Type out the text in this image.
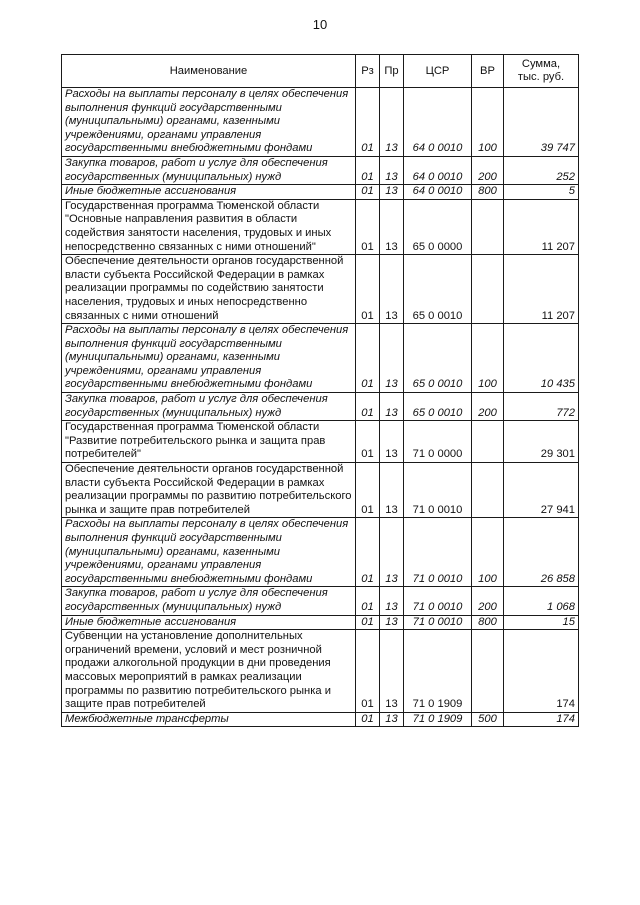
10
Наименование	Рз	Пр	ЦСР	ВР	Сумма,
тыс. руб.
Расходы на выплаты персоналу в целях обеспечения выполнения функций государственными (муниципальными) органами, казенными учреждениями, органами управления государственными внебюджетными фондами	01	13	64 0 0010	100	39 747
Закупка товаров, работ и услуг для обеспечения государственных (муниципальных) нужд	01	13	64 0 0010	200	252
Иные бюджетные ассигнования	01	13	64 0 0010	800	5
Государственная программа Тюменской области "Основные направления развития в области содействия занятости населения, трудовых и иных непосредственно связанных с ними отношений"	01	13	65 0 0000		11 207
Обеспечение деятельности органов государственной власти субъекта Российской Федерации в рамках реализации программы по содействию занятости населения, трудовых и иных непосредственно связанных с ними отношений	01	13	65 0 0010		11 207
Расходы на выплаты персоналу в целях обеспечения выполнения функций государственными (муниципальными) органами, казенными учреждениями, органами управления государственными внебюджетными фондами	01	13	65 0 0010	100	10 435
Закупка товаров, работ и услуг для обеспечения государственных (муниципальных) нужд	01	13	65 0 0010	200	772
Государственная программа Тюменской области "Развитие потребительского рынка и защита прав потребителей"	01	13	71 0 0000		29 301
Обеспечение деятельности органов государственной власти субъекта Российской Федерации в рамках реализации программы по развитию потребительского рынка и защите прав потребителей	01	13	71 0 0010		27 941
Расходы на выплаты персоналу в целях обеспечения выполнения функций государственными (муниципальными) органами, казенными учреждениями, органами управления государственными внебюджетными фондами	01	13	71 0 0010	100	26 858
Закупка товаров, работ и услуг для обеспечения государственных (муниципальных) нужд	01	13	71 0 0010	200	1 068
Иные бюджетные ассигнования	01	13	71 0 0010	800	15
Субвенции на установление дополнительных ограничений времени, условий и мест розничной продажи алкогольной продукции в дни проведения массовых мероприятий в рамках реализации программы по развитию потребительского рынка и защите прав потребителей	01	13	71 0 1909		174
Межбюджетные трансферты	01	13	71 0 1909	500	174
